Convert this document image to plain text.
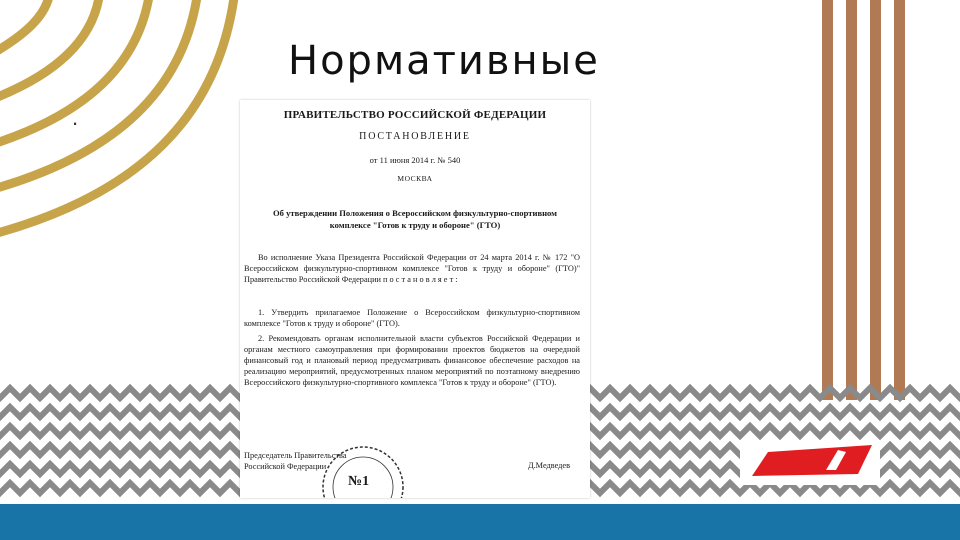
Нормативные
.	ПРАВИТЕЛЬСТВО РОССИЙСКОЙ ФЕДЕРАЦИИ
ПОСТАНОВЛЕНИЕ
от 11 июня 2014 г. № 540
МОСКВА
Об утверждении Положения о Всероссийском физкультурно-спортивном комплексе "Готов к труду и обороне" (ГТО)
Во исполнение Указа Президента Российской Федерации от 24 марта 2014 г. № 172 "О Всероссийском физкультурно-спортивном комплексе "Готов к труду и обороне" (ГТО)" Правительство Российской Федерации п о с т а н о в л я е т :
1. Утвердить прилагаемое Положение о Всероссийском физкультурно-спортивном комплексе "Готов к труду и обороне" (ГТО).
2. Рекомендовать органам исполнительной власти субъектов Российской Федерации и органам местного самоуправления при формировании проектов бюджетов на очередной финансовый год и плановый период предусматривать финансовое обеспечение расходов на реализацию мероприятий, предусмотренных планом мероприятий по поэтапному внедрению Всероссийского физкультурно-спортивного комплекса "Готов к труду и обороне" (ГТО).
Председатель Правительства Российской Федерации	Д.Медведев
№1
